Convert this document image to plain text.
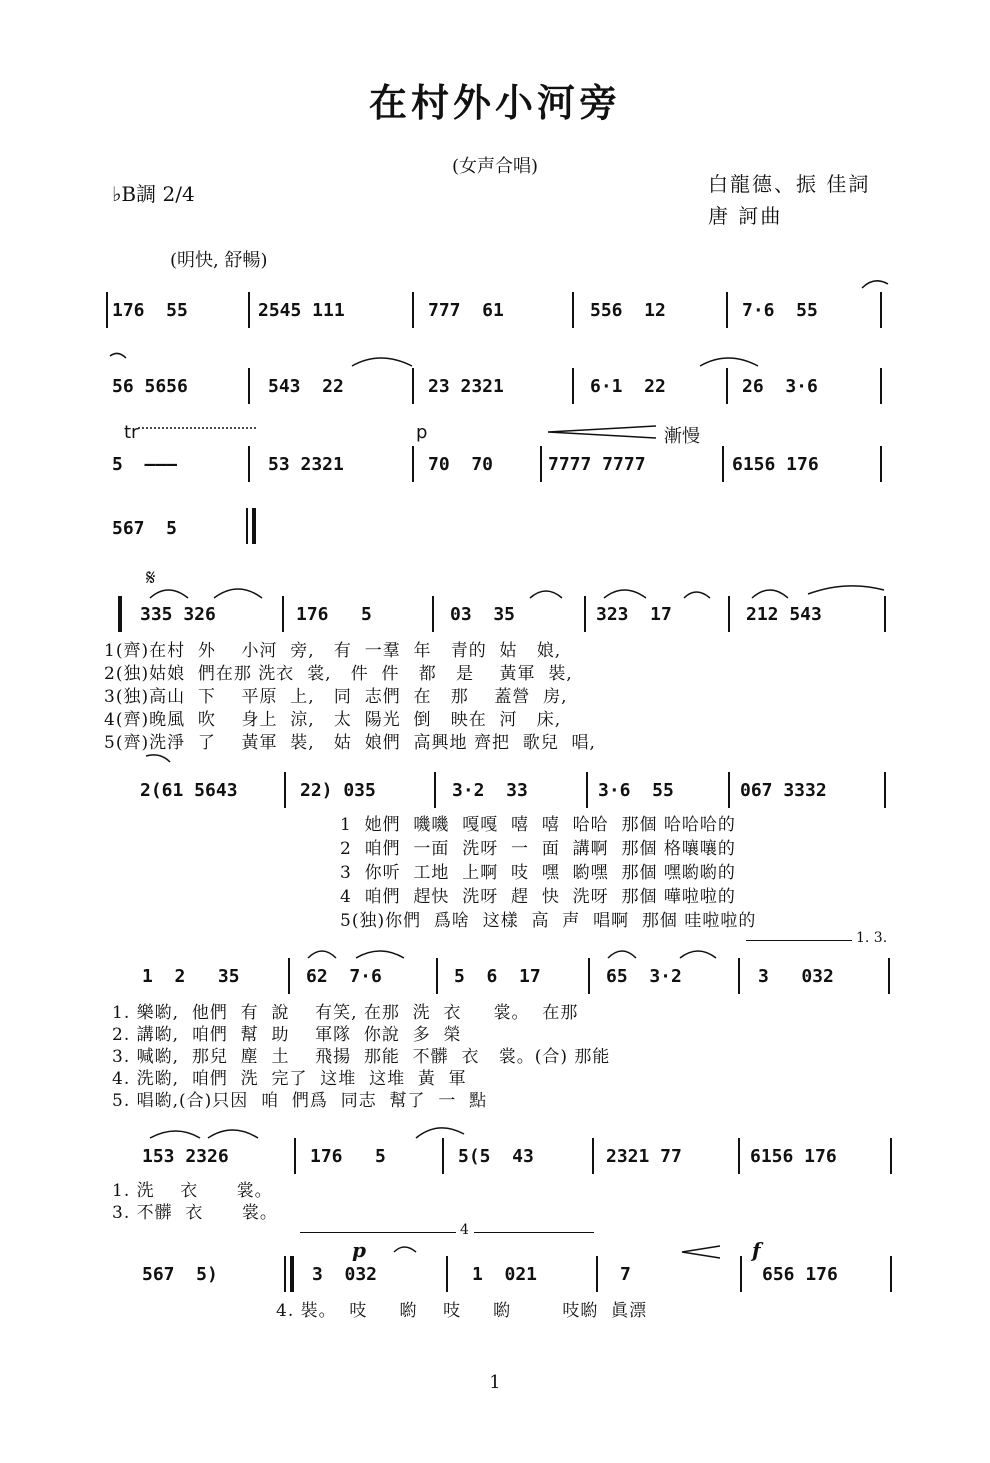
在村外小河旁
(女声合唱)
♭B調 2/4	白龍德、振 佳詞
唐 訶曲
(明快, 舒暢)
176  55	2545 111	777  61	556  12	7·6  55
56 5656	543  22	23 2321	6·1  22	26  3·6
tr	p	漸慢
5  ———	53 2321	70  70	7777 7777	6156 176
567  5
𝄋
335 326	176   5	03  35	323  17	212 543
1(齊)在村  外    小河  旁,   有  一羣  年   青的  姑   娘,
2(独)姑娘  們在那 洗衣  裳,   件  件   都   是    黃軍  裝,
3(独)高山  下    平原  上,   同  志們  在   那    蓋營  房,
4(齊)晚風  吹    身上  涼,   太  陽光  倒   映在  河   床,
5(齊)洗淨  了    黃軍  裝,   姑  娘們  高興地 齊把  歌兒  唱,
2(61 5643	22) 035	3·2  33	3·6  55	067 3332
1  她們  嘰嘰  嘎嘎  嘻  嘻  哈哈  那個 哈哈哈的
2  咱們  一面  洗呀  一  面  講啊  那個 格嚷嚷的
3  你听  工地  上啊  吱  嘿  喲嘿  那個 嘿喲喲的
4  咱們  趕快  洗呀  趕  快  洗呀  那個 嘩啦啦的
5(独)你們  爲啥  这樣  高  声  唱啊  那個 哇啦啦的
1. 3.
1  2   35	62  7·6	5  6  17	65  3·2	3   032
1. 樂喲,  他們  有  說    有笑, 在那  洗  衣     裳。  在那
2. 講喲,  咱們  幫  助    軍隊  你說  多  榮
3. 喊喲,  那兒  塵  土    飛揚  那能  不髒  衣   裳。(合) 那能
4. 洗喲,  咱們  洗  完了  这堆  这堆  黃  軍
5. 唱喲,(合)只因  咱  們爲  同志  幫了  一  點
153 2326	176   5	5(5  43	2321 77	6156 176
1. 洗    衣      裳。
3. 不髒  衣      裳。
4
p	f
567  5)	3  032	1  021	7	656 176
4. 裝。  吱     喲    吱     喲        吱喲  眞漂
1
